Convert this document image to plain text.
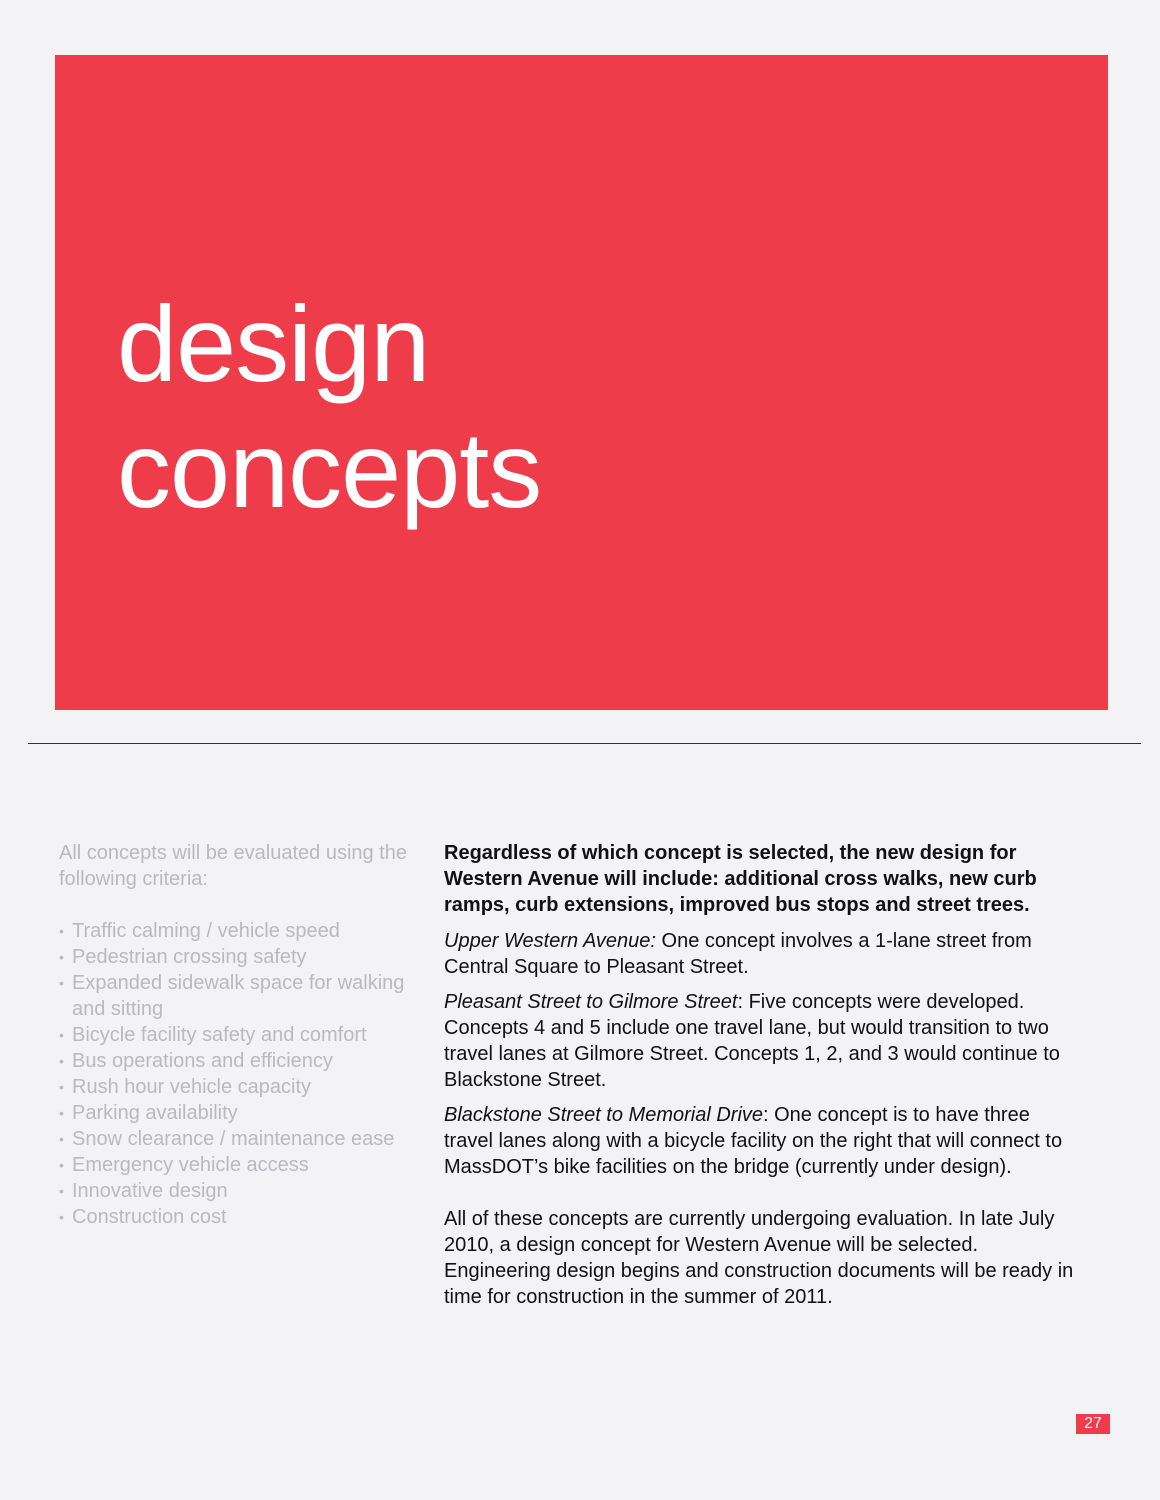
design
concepts

All concepts will be evaluated using the following criteria:

• Traffic calming / vehicle speed
• Pedestrian crossing safety
• Expanded sidewalk space for walking and sitting
• Bicycle facility safety and comfort
• Bus operations and efficiency
• Rush hour vehicle capacity
• Parking availability
• Snow clearance / maintenance ease
• Emergency vehicle access
• Innovative design
• Construction cost

Regardless of which concept is selected, the new design for Western Avenue will include: additional cross walks, new curb ramps, curb extensions, improved bus stops and street trees.

Upper Western Avenue: One concept involves a 1-lane street from Central Square to Pleasant Street.

Pleasant Street to Gilmore Street: Five concepts were developed. Concepts 4 and 5 include one travel lane, but would transition to two travel lanes at Gilmore Street. Concepts 1, 2, and 3 would continue to Blackstone Street.

Blackstone Street to Memorial Drive: One concept is to have three travel lanes along with a bicycle facility on the right that will connect to MassDOT’s bike facilities on the bridge (currently under design).

All of these concepts are currently undergoing evaluation. In late July 2010, a design concept for Western Avenue will be selected. Engineering design begins and construction documents will be ready in time for construction in the summer of 2011.

27
